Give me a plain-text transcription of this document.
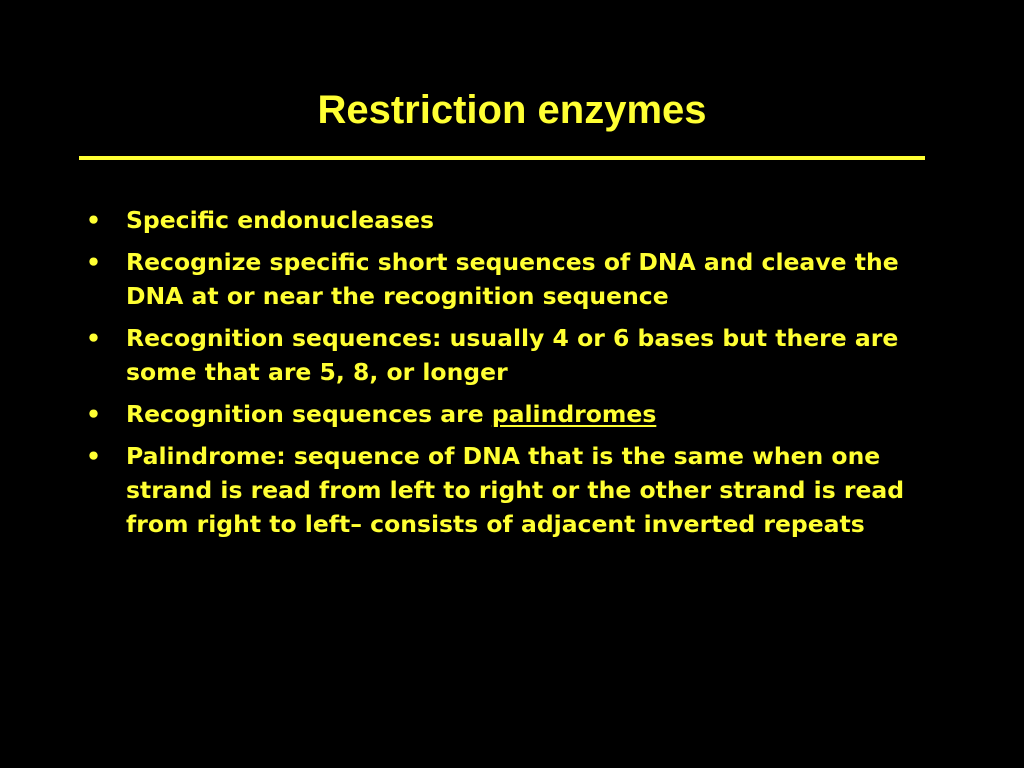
Restriction enzymes
•	Specific endonucleases
•	Recognize specific short sequences of DNA and cleave the DNA at or near the recognition sequence
•	Recognition sequences: usually 4 or 6 bases but there are some that are 5, 8, or longer
•	Recognition sequences are palindromes
•	Palindrome: sequence of DNA that is the same when one strand is read from left to right or the other strand is read from right to left– consists of adjacent inverted repeats
